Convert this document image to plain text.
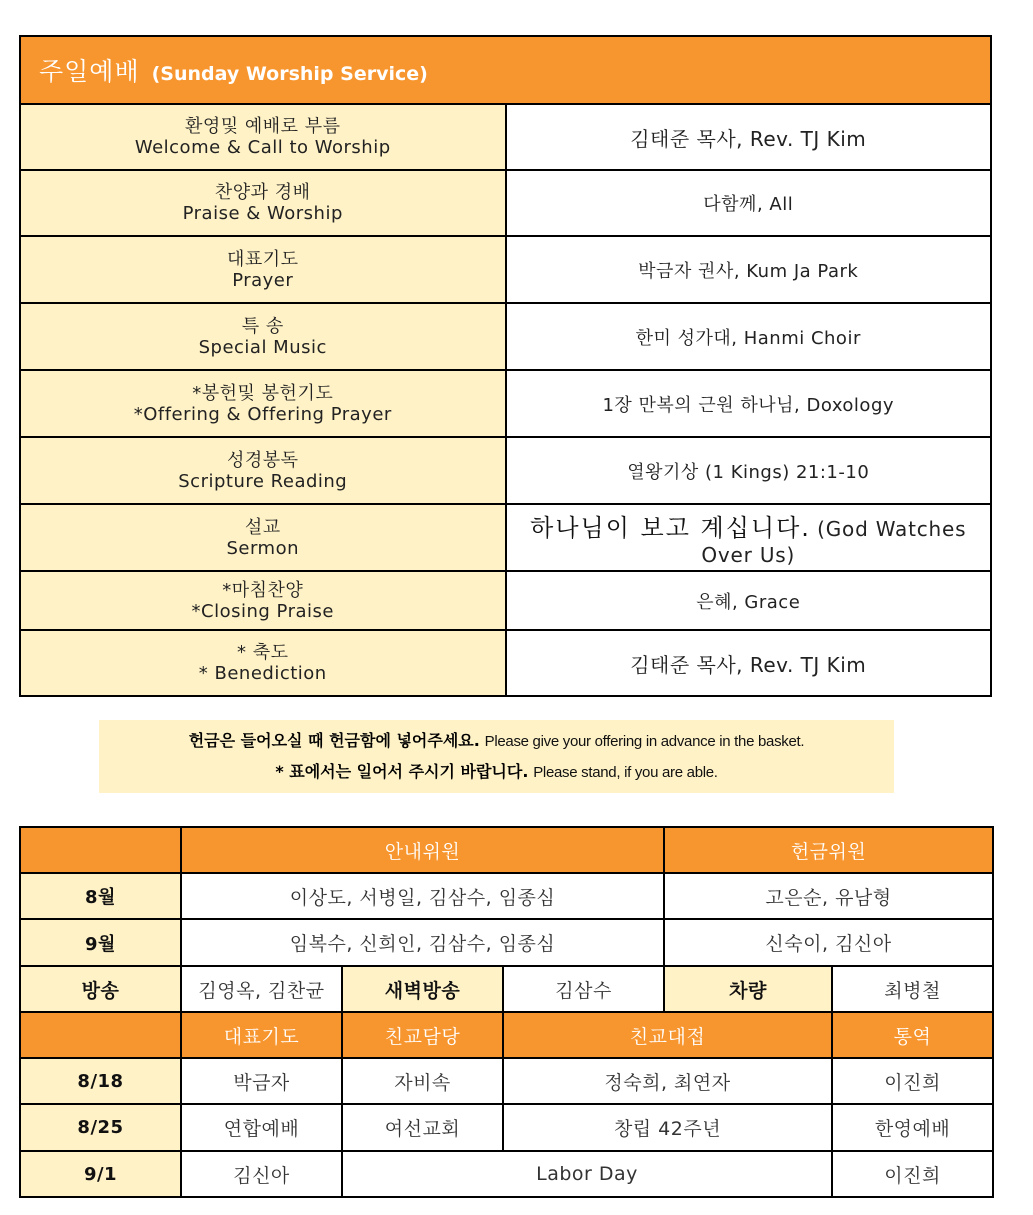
주일예배 (Sunday Worship Service)	

환영및 예배로 부름
Welcome & Call to Worship	김태준 목사, Rev. TJ Kim

찬양과 경배
Praise & Worship	다함께, All

대표기도
Prayer	박금자 권사, Kum Ja Park

특 송
Special Music	한미 성가대, Hanmi Choir

*봉헌및 봉헌기도
*Offering & Offering Prayer	1장 만복의 근원 하나님, Doxology

성경봉독
Scripture Reading	열왕기상 (1 Kings) 21:1-10

설교
Sermon	하나님이 보고 계십니다. (God Watches Over Us)

*마침찬양
*Closing Praise	은혜, Grace

* 축도
* Benediction	김태준 목사, Rev. TJ Kim
헌금은 들어오실 때 헌금함에 넣어주세요. Please give your offering in advance in the basket.
* 표에서는 일어서 주시기 바랍니다. Please stand, if you are able.
	안내위원			헌금위원	
8월	이상도, 서병일, 김삼수, 임종심			고은순, 유남형	
9월	임복수, 신희인, 김삼수, 임종심			신숙이, 김신아	
방송	김영옥, 김찬균	새벽방송	김삼수	차량	최병철
	대표기도	친교담당	친교대접		통역
8/18	박금자	자비속	정숙희, 최연자		이진희
8/25	연합예배	여선교회	창립 42주년		한영예배
9/1	김신아	Labor Day			이진희
